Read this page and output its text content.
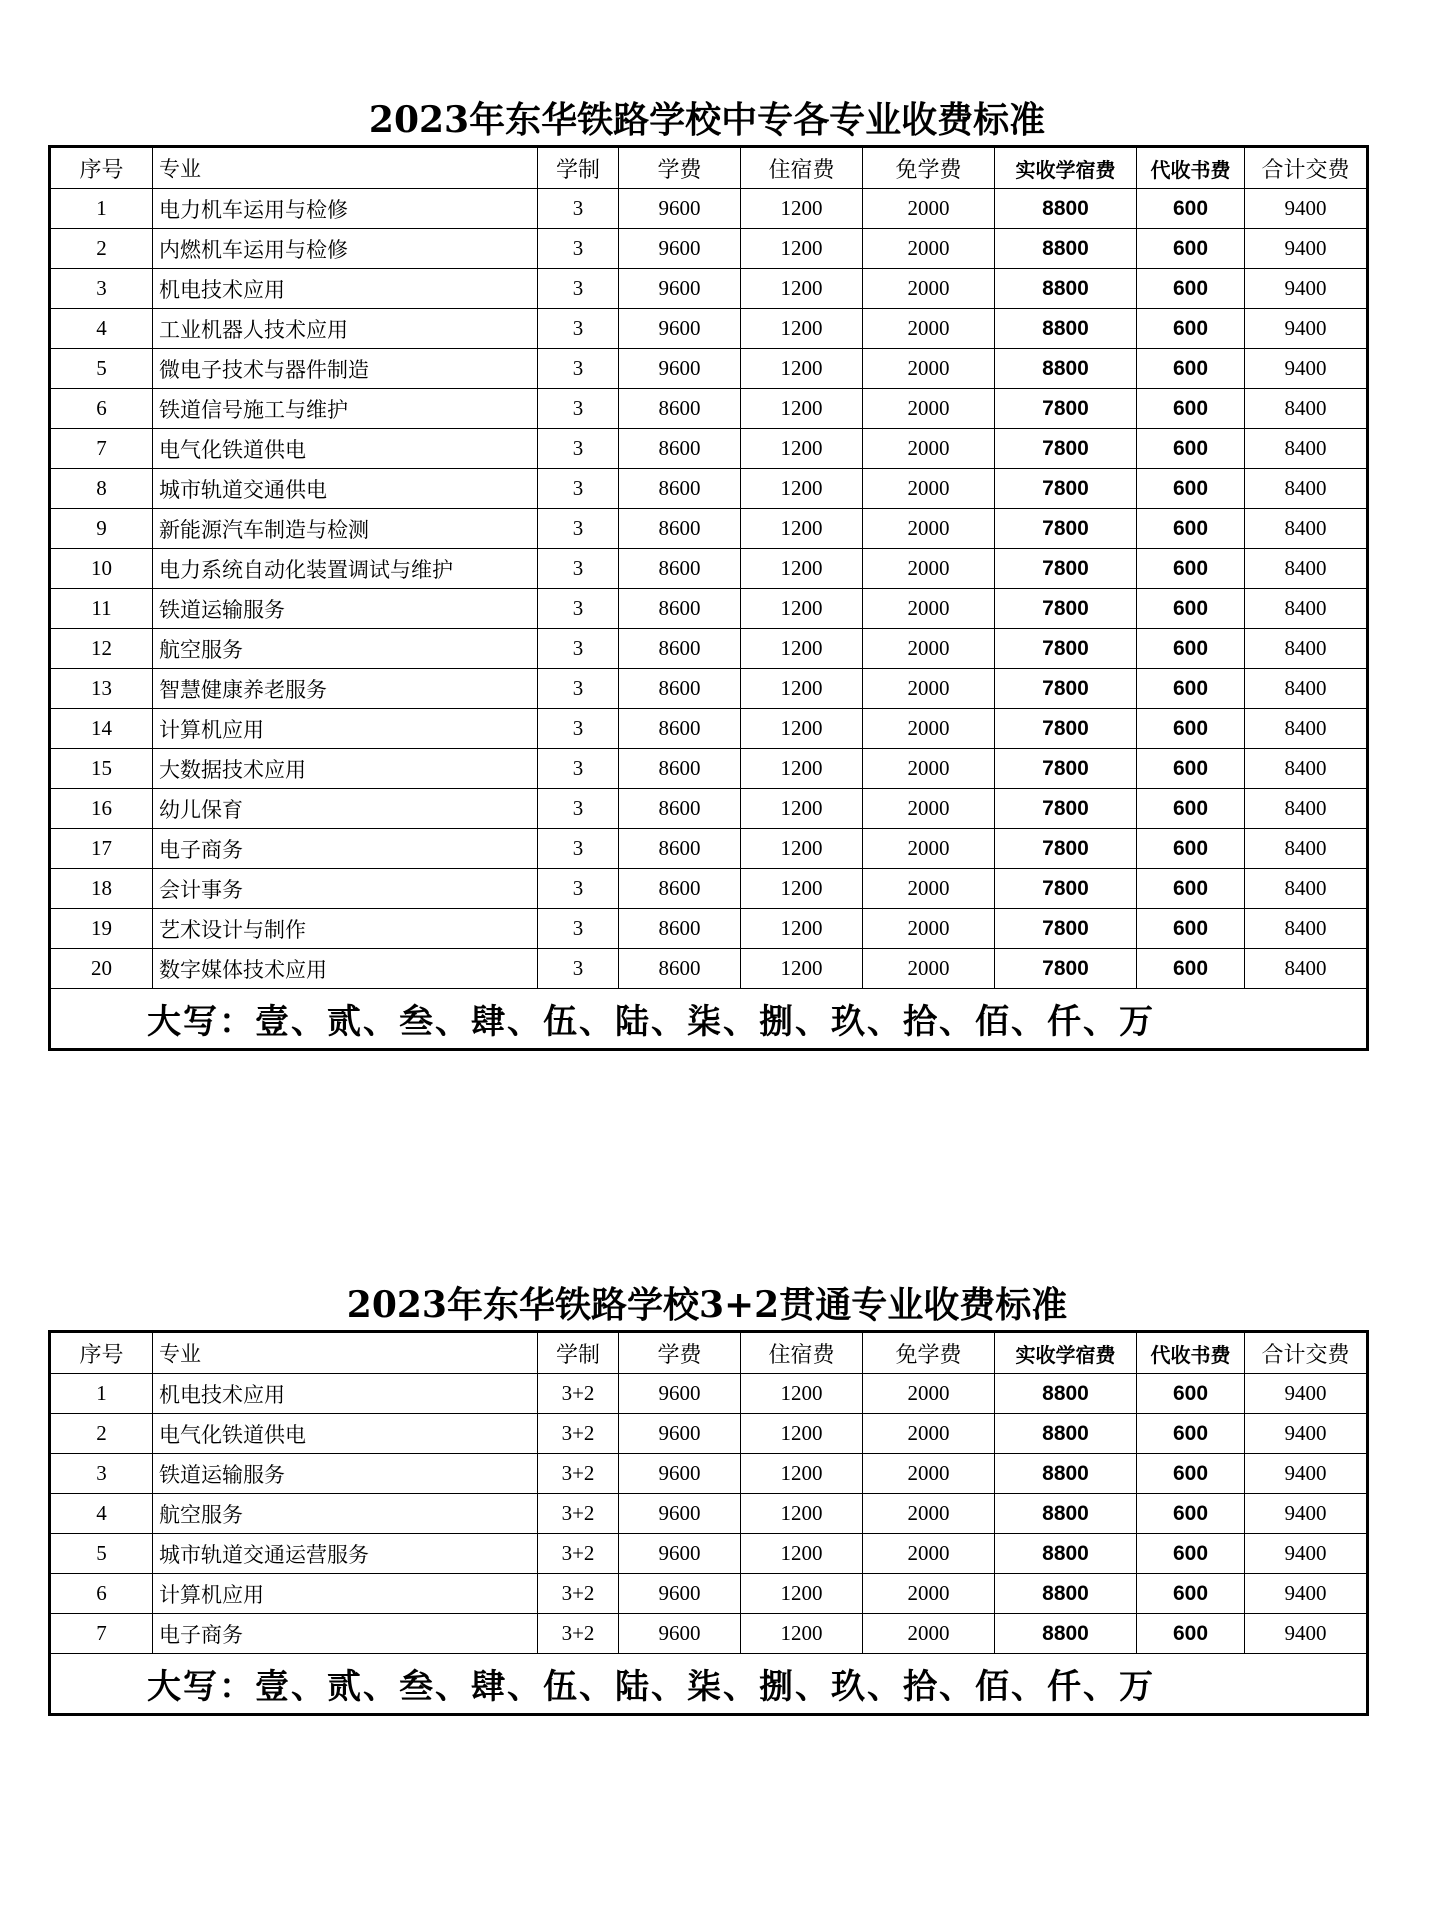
2023年东华铁路学校中专各专业收费标准
序号	专业	学制	学费	住宿费	免学费	实收学宿费	代收书费	合计交费
1	电力机车运用与检修	3	9600	1200	2000	8800	600	9400
2	内燃机车运用与检修	3	9600	1200	2000	8800	600	9400
3	机电技术应用	3	9600	1200	2000	8800	600	9400
4	工业机器人技术应用	3	9600	1200	2000	8800	600	9400
5	微电子技术与器件制造	3	9600	1200	2000	8800	600	9400
6	铁道信号施工与维护	3	8600	1200	2000	7800	600	8400
7	电气化铁道供电	3	8600	1200	2000	7800	600	8400
8	城市轨道交通供电	3	8600	1200	2000	7800	600	8400
9	新能源汽车制造与检测	3	8600	1200	2000	7800	600	8400
10	电力系统自动化装置调试与维护	3	8600	1200	2000	7800	600	8400
11	铁道运输服务	3	8600	1200	2000	7800	600	8400
12	航空服务	3	8600	1200	2000	7800	600	8400
13	智慧健康养老服务	3	8600	1200	2000	7800	600	8400
14	计算机应用	3	8600	1200	2000	7800	600	8400
15	大数据技术应用	3	8600	1200	2000	7800	600	8400
16	幼儿保育	3	8600	1200	2000	7800	600	8400
17	电子商务	3	8600	1200	2000	7800	600	8400
18	会计事务	3	8600	1200	2000	7800	600	8400
19	艺术设计与制作	3	8600	1200	2000	7800	600	8400
20	数字媒体技术应用	3	8600	1200	2000	7800	600	8400
大写：壹、贰、叁、肆、伍、陆、柒、捌、玖、拾、佰、仟、万								
2023年东华铁路学校3+2贯通专业收费标准
序号	专业	学制	学费	住宿费	免学费	实收学宿费	代收书费	合计交费
1	机电技术应用	3+2	9600	1200	2000	8800	600	9400
2	电气化铁道供电	3+2	9600	1200	2000	8800	600	9400
3	铁道运输服务	3+2	9600	1200	2000	8800	600	9400
4	航空服务	3+2	9600	1200	2000	8800	600	9400
5	城市轨道交通运营服务	3+2	9600	1200	2000	8800	600	9400
6	计算机应用	3+2	9600	1200	2000	8800	600	9400
7	电子商务	3+2	9600	1200	2000	8800	600	9400
大写：壹、贰、叁、肆、伍、陆、柒、捌、玖、拾、佰、仟、万								
